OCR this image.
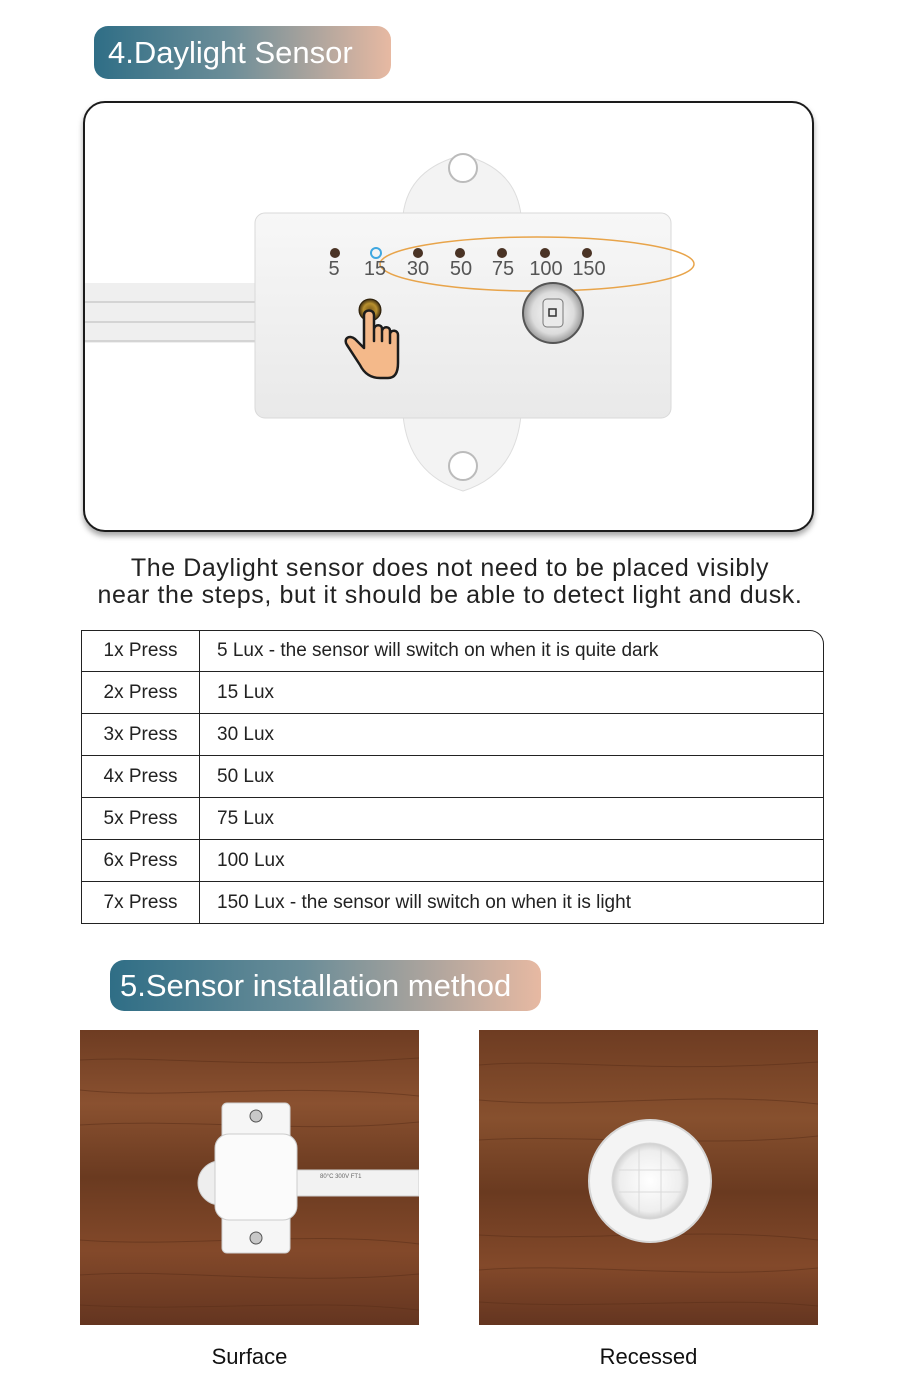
4.Daylight Sensor
5 15 30 50 75 100 150
The Daylight sensor does not need to be placed visibly
near the steps, but it should be able to detect light and dusk.
1x Press	5 Lux - the sensor will switch on when it is quite dark
2x Press	15 Lux
3x Press	30 Lux
4x Press	50 Lux
5x Press	75 Lux
6x Press	100 Lux
7x Press	150 Lux - the sensor will switch on when it is light
5.Sensor installation method
80°C 300V FT1
Surface	Recessed
